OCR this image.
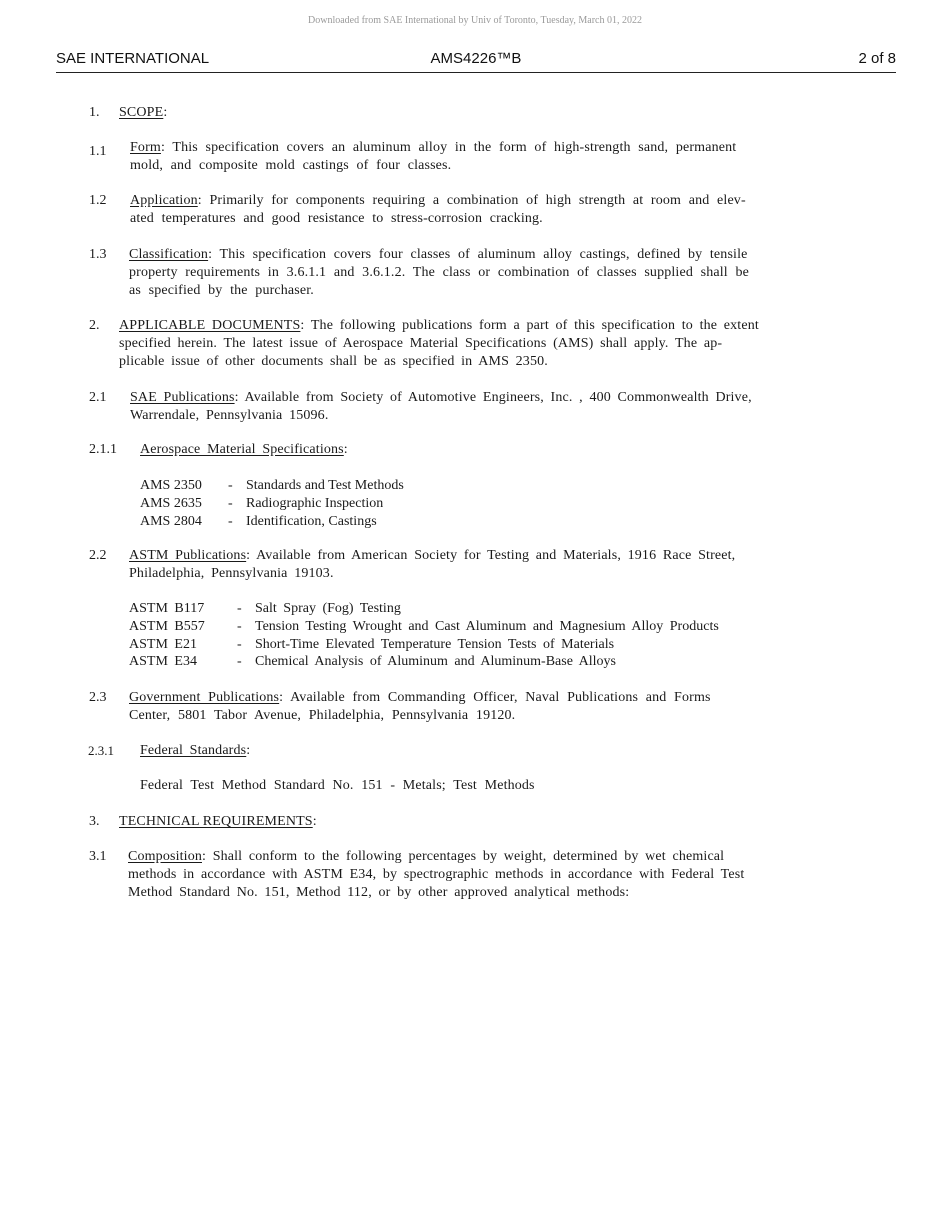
Downloaded from SAE International by Univ of Toronto, Tuesday, March 01, 2022
SAE INTERNATIONAL	AMS4226™B	2 of 8
1. SCOPE:
1.1 Form: This specification covers an aluminum alloy in the form of high-strength sand, permanent
mold, and composite mold castings of four classes.
1.2 Application: Primarily for components requiring a combination of high strength at room and elev-
ated temperatures and good resistance to stress-corrosion cracking.
1.3 Classification: This specification covers four classes of aluminum alloy castings, defined by tensile
property requirements in 3.6.1.1 and 3.6.1.2. The class or combination of classes supplied shall be
as specified by the purchaser.
2. APPLICABLE DOCUMENTS: The following publications form a part of this specification to the extent
specified herein. The latest issue of Aerospace Material Specifications (AMS) shall apply. The ap-
plicable issue of other documents shall be as specified in AMS 2350.
2.1 SAE Publications: Available from Society of Automotive Engineers, Inc. , 400 Commonwealth Drive,
Warrendale, Pennsylvania 15096.
2.1.1 Aerospace Material Specifications:
AMS 2350	- Standards and Test Methods
AMS 2635	- Radiographic Inspection
AMS 2804	- Identification, Castings
2.2 ASTM Publications: Available from American Society for Testing and Materials, 1916 Race Street,
Philadelphia, Pennsylvania 19103.
ASTM B117	- Salt Spray (Fog) Testing
ASTM B557	- Tension Testing Wrought and Cast Aluminum and Magnesium Alloy Products
ASTM E21	- Short-Time Elevated Temperature Tension Tests of Materials
ASTM E34	- Chemical Analysis of Aluminum and Aluminum-Base Alloys
2.3 Government Publications: Available from Commanding Officer, Naval Publications and Forms
Center, 5801 Tabor Avenue, Philadelphia, Pennsylvania 19120.
2.3.1 Federal Standards:
Federal Test Method Standard No. 151 - Metals; Test Methods
3. TECHNICAL REQUIREMENTS:
3.1 Composition: Shall conform to the following percentages by weight, determined by wet chemical
methods in accordance with ASTM E34, by spectrographic methods in accordance with Federal Test
Method Standard No. 151, Method 112, or by other approved analytical methods:
